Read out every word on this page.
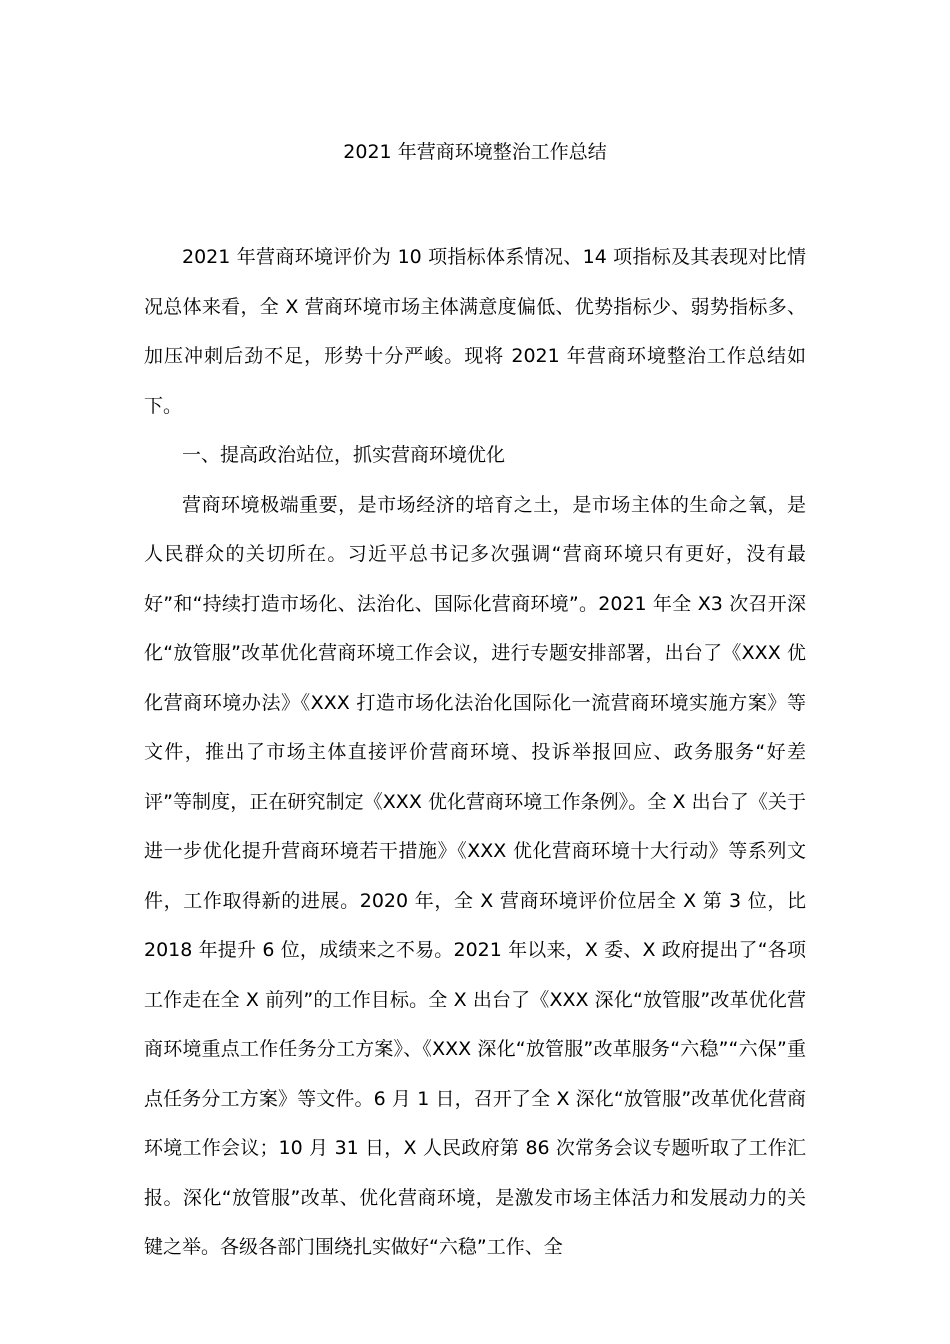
2021 年营商环境整治工作总结

2021 年营商环境评价为 10 项指标体系情况、14 项指标及其表现对比情况总体来看，全 X 营商环境市场主体满意度偏低、优势指标少、弱势指标多、加压冲刺后劲不足，形势十分严峻。现将 2021 年营商环境整治工作总结如下。

一、提高政治站位，抓实营商环境优化

营商环境极端重要，是市场经济的培育之土，是市场主体的生命之氧，是人民群众的关切所在。习近平总书记多次强调“营商环境只有更好，没有最好”和“持续打造市场化、法治化、国际化营商环境”。2021 年全 X3 次召开深化“放管服”改革优化营商环境工作会议，进行专题安排部署，出台了《XXX 优化营商环境办法》《XXX 打造市场化法治化国际化一流营商环境实施方案》等文件，推出了市场主体直接评价营商环境、投诉举报回应、政务服务“好差评”等制度，正在研究制定《XXX 优化营商环境工作条例》。全 X 出台了《关于进一步优化提升营商环境若干措施》《XXX 优化营商环境十大行动》等系列文件，工作取得新的进展。2020 年，全 X 营商环境评价位居全 X 第 3 位，比 2018 年提升 6 位，成绩来之不易。2021 年以来，X 委、X 政府提出了“各项工作走在全 X 前列”的工作目标。全 X 出台了《XXX 深化“放管服”改革优化营商环境重点工作任务分工方案》、《XXX 深化“放管服”改革服务“六稳”“六保”重点任务分工方案》等文件。6 月 1 日，召开了全 X 深化“放管服”改革优化营商环境工作会议；10 月 31 日，X 人民政府第 86 次常务会议专题听取了工作汇报。深化“放管服”改革、优化营商环境，是激发市场主体活力和发展动力的关键之举。各级各部门围绕扎实做好“六稳”工作、全
